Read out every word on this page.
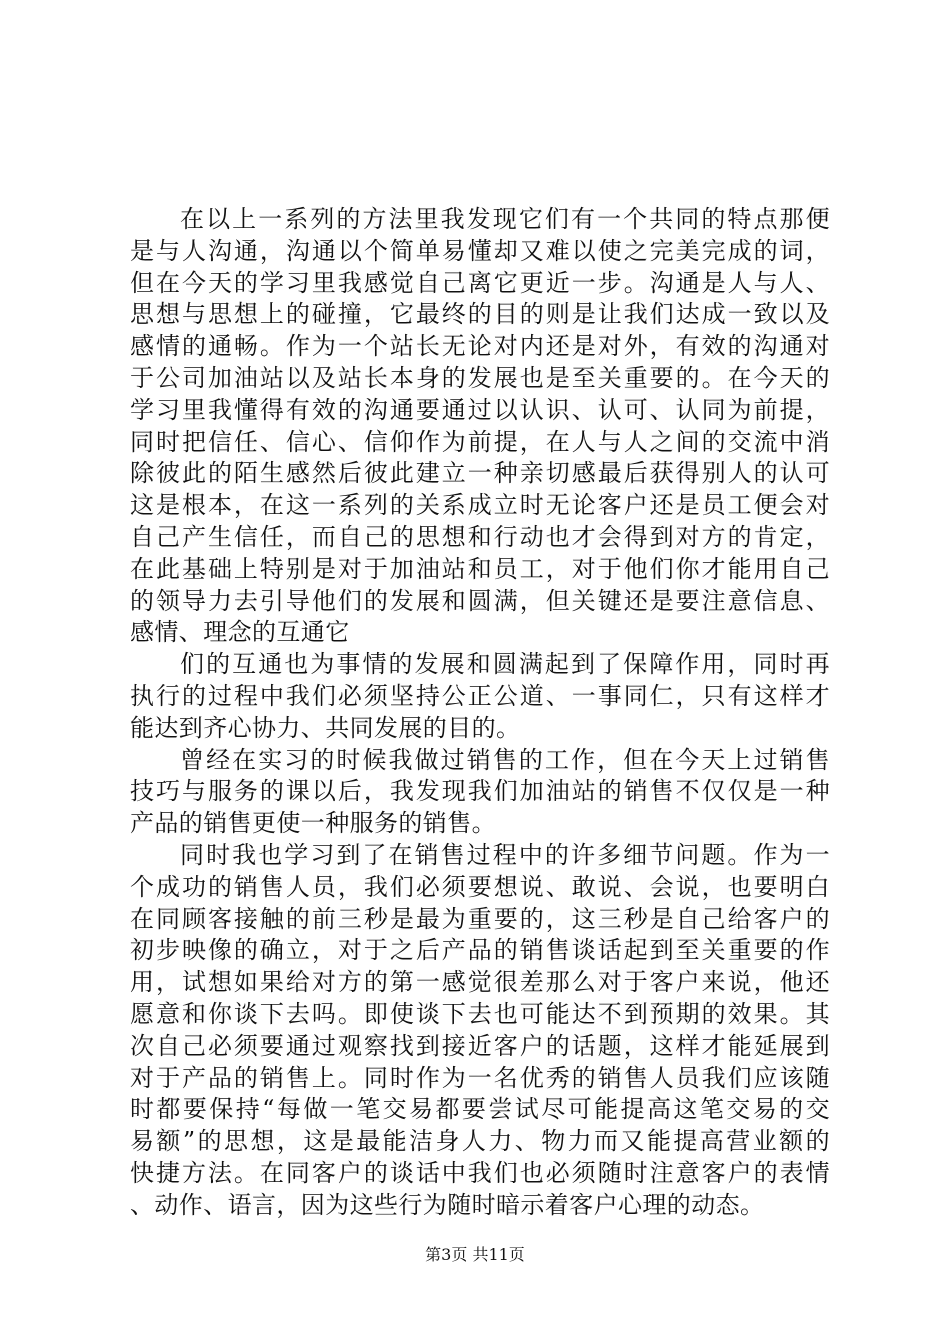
在以上一系列的方法里我发现它们有一个共同的特点那便
是与人沟通，沟通以个简单易懂却又难以使之完美完成的词，
但在今天的学习里我感觉自己离它更近一步。沟通是人与人、
思想与思想上的碰撞，它最终的目的则是让我们达成一致以及
感情的通畅。作为一个站长无论对内还是对外，有效的沟通对
于公司加油站以及站长本身的发展也是至关重要的。在今天的
学习里我懂得有效的沟通要通过以认识、认可、认同为前提，
同时把信任、信心、信仰作为前提，在人与人之间的交流中消
除彼此的陌生感然后彼此建立一种亲切感最后获得别人的认可
这是根本，在这一系列的关系成立时无论客户还是员工便会对
自己产生信任，而自己的思想和行动也才会得到对方的肯定，
在此基础上特别是对于加油站和员工，对于他们你才能用自己
的领导力去引导他们的发展和圆满，但关键还是要注意信息、
感情、理念的互通它
们的互通也为事情的发展和圆满起到了保障作用，同时再
执行的过程中我们必须坚持公正公道、一事同仁，只有这样才
能达到齐心协力、共同发展的目的。
曾经在实习的时候我做过销售的工作，但在今天上过销售
技巧与服务的课以后，我发现我们加油站的销售不仅仅是一种
产品的销售更使一种服务的销售。
同时我也学习到了在销售过程中的许多细节问题。作为一
个成功的销售人员，我们必须要想说、敢说、会说，也要明白
在同顾客接触的前三秒是最为重要的，这三秒是自己给客户的
初步映像的确立，对于之后产品的销售谈话起到至关重要的作
用，试想如果给对方的第一感觉很差那么对于客户来说，他还
愿意和你谈下去吗。即使谈下去也可能达不到预期的效果。其
次自己必须要通过观察找到接近客户的话题，这样才能延展到
对于产品的销售上。同时作为一名优秀的销售人员我们应该随
时都要保持“每做一笔交易都要尝试尽可能提高这笔交易的交
易额”的思想，这是最能洁身人力、物力而又能提高营业额的
快捷方法。在同客户的谈话中我们也必须随时注意客户的表情
、动作、语言，因为这些行为随时暗示着客户心理的动态。
第3页 共11页
